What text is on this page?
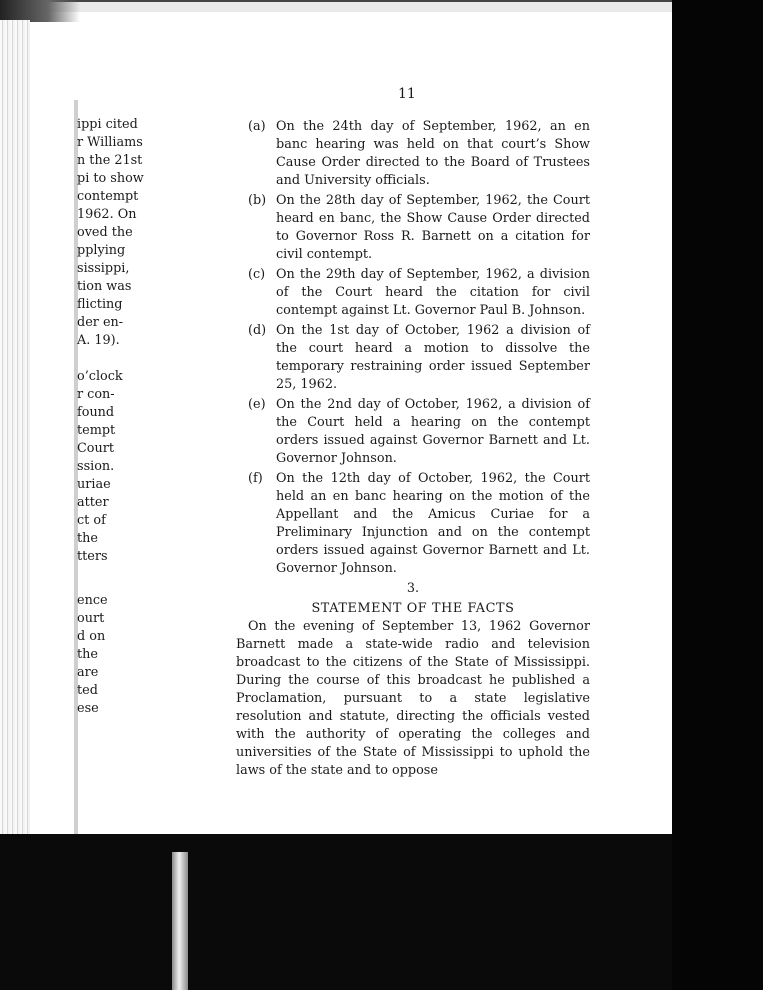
ippi cited
r Williams
n the 21st
pi to show
contempt
1962. On
oved the
pplying
sissippi,
tion was
flicting
der en-
A. 19).
o’clock
r con-
found
tempt
Court
ssion.
uriae
atter
ct of
the
tters
ence
ourt
d on
the
are
ted
ese
11
(a) On the 24th day of September, 1962, an en banc hearing was held on that court’s Show Cause Order directed to the Board of Trustees and University officials.
(b) On the 28th day of September, 1962, the Court heard en banc, the Show Cause Order directed to Governor Ross R. Barnett on a citation for civil contempt.
(c) On the 29th day of September, 1962, a division of the Court heard the citation for civil contempt against Lt. Governor Paul B. Johnson.
(d) On the 1st day of October, 1962 a division of the court heard a motion to dissolve the temporary restraining order issued September 25, 1962.
(e) On the 2nd day of October, 1962, a division of the Court held a hearing on the contempt orders issued against Governor Barnett and Lt. Governor Johnson.
(f)	On the 12th day of October, 1962, the Court held an en banc hearing on the motion of the Appellant and the Amicus Curiae for a Preliminary Injunction and on the contempt orders issued against Governor Barnett and Lt. Governor Johnson.
3.
STATEMENT OF THE FACTS

On the evening of September 13, 1962 Governor Barnett made a state-wide radio and television broadcast to the citizens of the State of Mississippi. During the course of this broadcast he published a Proclamation, pursuant to a state legislative resolution and statute, directing the officials vested with the authority of operating the colleges and universities of the State of Mississippi to uphold the laws of the state and to oppose
